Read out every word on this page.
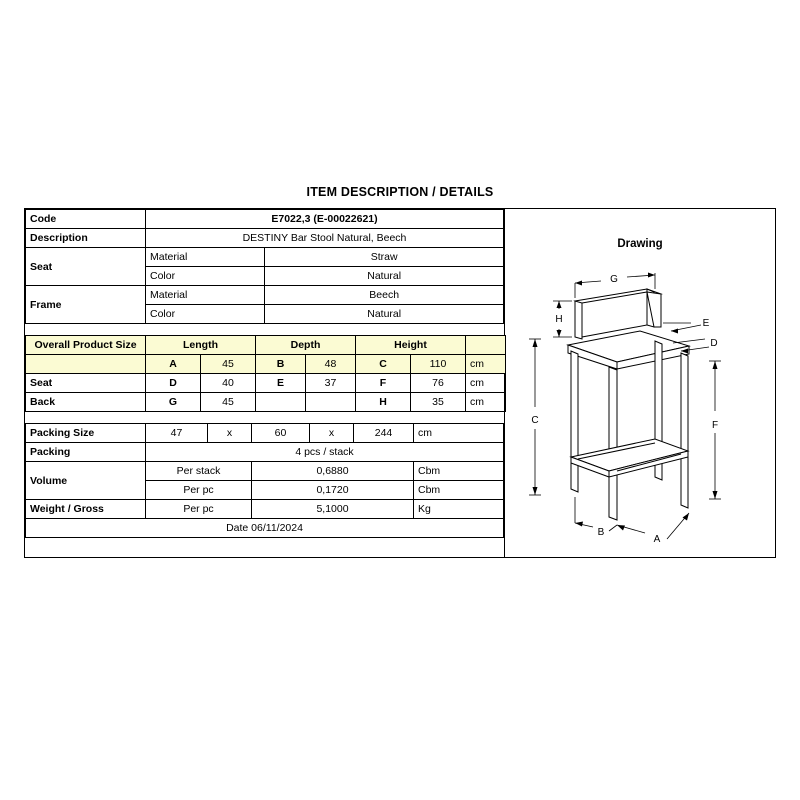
ITEM DESCRIPTION / DETAILS
Code	E7022,3 (E-00022621)	
Description	DESTINY Bar Stool Natural, Beech	
Seat	Material	Straw
	Color	Natural
Frame	Material	Beech
	Color	Natural
Overall Product Size	Length		Depth		Height		
	A	45	B	48	C	110	cm
Seat	D	40	E	37	F	76	cm
Back	G	45			H	35	cm
Packing Size	47	x	60	x	244	cm
Packing	4 pcs / stack					
Volume	Per stack		0,6880			Cbm
	Per pc		0,1720			Cbm
Weight / Gross	Per pc		5,1000			Kg
Date 06/11/2024						
Drawing
G
H	E
D
C	F
A
B
